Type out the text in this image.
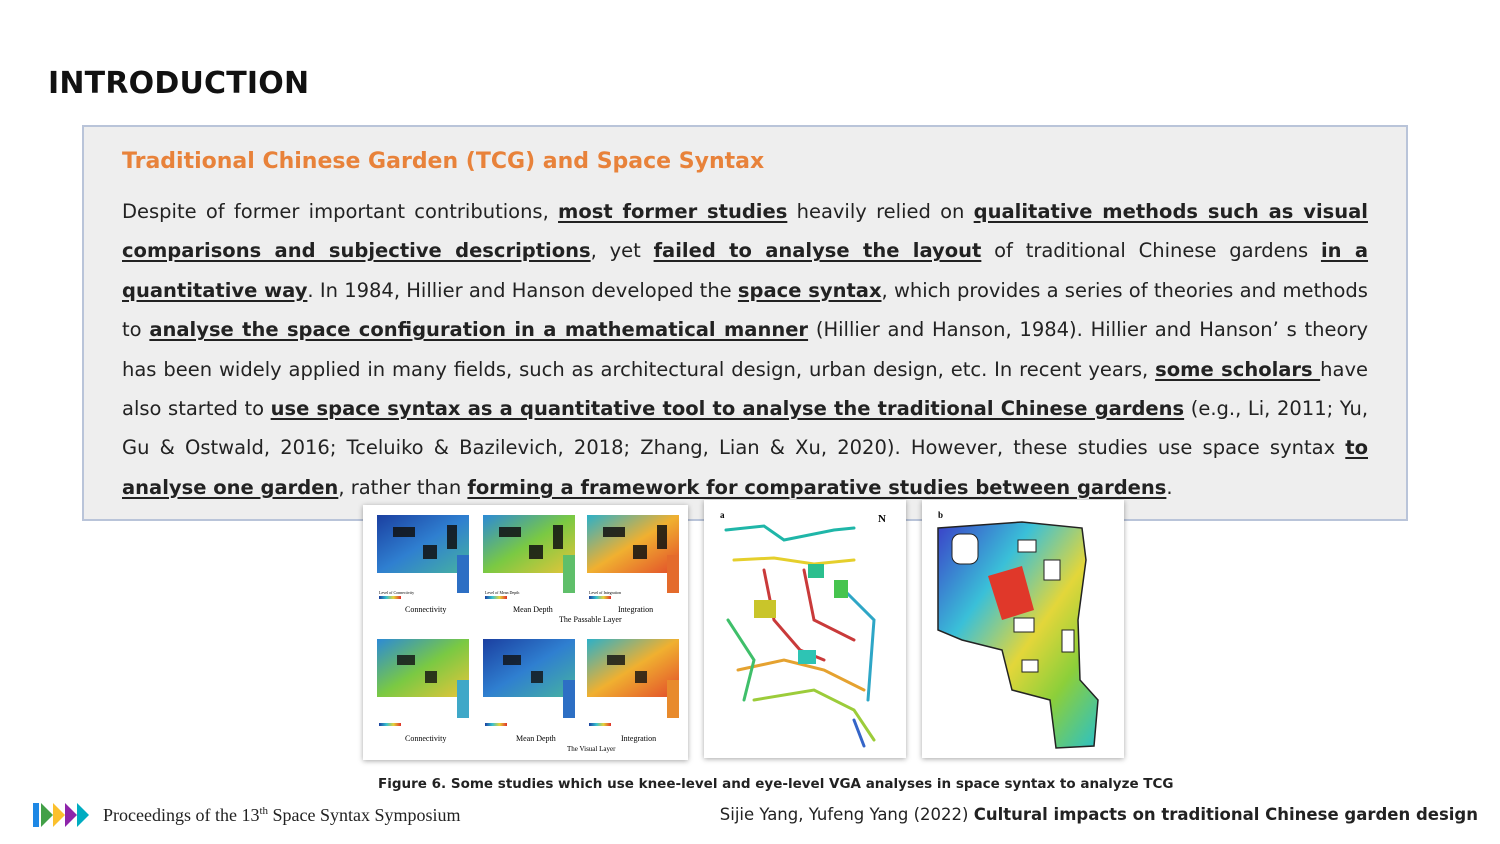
INTRODUCTION
Traditional Chinese Garden (TCG) and Space Syntax
Despite of former important contributions, most former studies heavily relied on qualitative methods such as visual comparisons and subjective descriptions, yet failed to analyse the layout of traditional Chinese gardens in a quantitative way. In 1984, Hillier and Hanson developed the space syntax, which provides a series of theories and methods to analyse the space configuration in a mathematical manner (Hillier and Hanson, 1984). Hillier and Hanson’ s theory has been widely applied in many fields, such as architectural design, urban design, etc. In recent years, some scholars have also started to use space syntax as a quantitative tool to analyse the traditional Chinese gardens (e.g., Li, 2011; Yu, Gu & Ostwald, 2016; Tceluiko & Bazilevich, 2018; Zhang, Lian & Xu, 2020). However, these studies use space syntax to analyse one garden, rather than forming a framework for comparative studies between gardens.
Level of Connectivity	Level of Mean Depth	Level of Integration
Connectivity	Mean Depth	Integration
The Passable Layer
Connectivity	Mean Depth	Integration
The Visual Layer
a	N	b
Figure 6. Some studies which use knee-level and eye-level VGA analyses in space syntax to analyze TCG
Proceedings of the 13th Space Syntax Symposium	Sijie Yang, Yufeng Yang (2022) Cultural impacts on traditional Chinese garden design
